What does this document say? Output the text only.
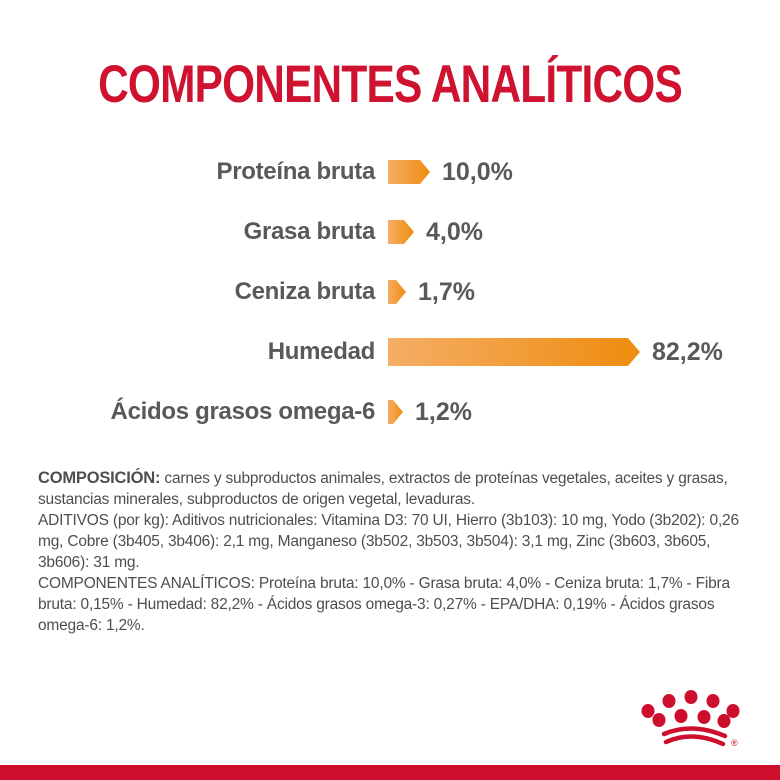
COMPONENTES ANALÍTICOS
Proteína bruta	10,0%
Grasa bruta 4,0%
Ceniza bruta 1,7%
Humedad	82,2%
Ácidos grasos omega-6 1,2%

COMPOSICIÓN: carnes y subproductos animales, extractos de proteínas vegetales, aceites y grasas, sustancias minerales, subproductos de origen vegetal, levaduras.

ADITIVOS (por kg): Aditivos nutricionales: Vitamina D3: 70 UI, Hierro (3b103): 10 mg, Yodo (3b202): 0,26 mg, Cobre (3b405, 3b406): 2,1 mg, Manganeso (3b502, 3b503, 3b504): 3,1 mg, Zinc (3b603, 3b605, 3b606): 31 mg.

COMPONENTES ANALÍTICOS: Proteína bruta: 10,0% - Grasa bruta: 4,0% - Ceniza bruta: 1,7% - Fibra bruta: 0,15% - Humedad: 82,2% - Ácidos grasos omega-3: 0,27% - EPA/DHA: 0,19% - Ácidos grasos omega-6: 1,2%.

®
